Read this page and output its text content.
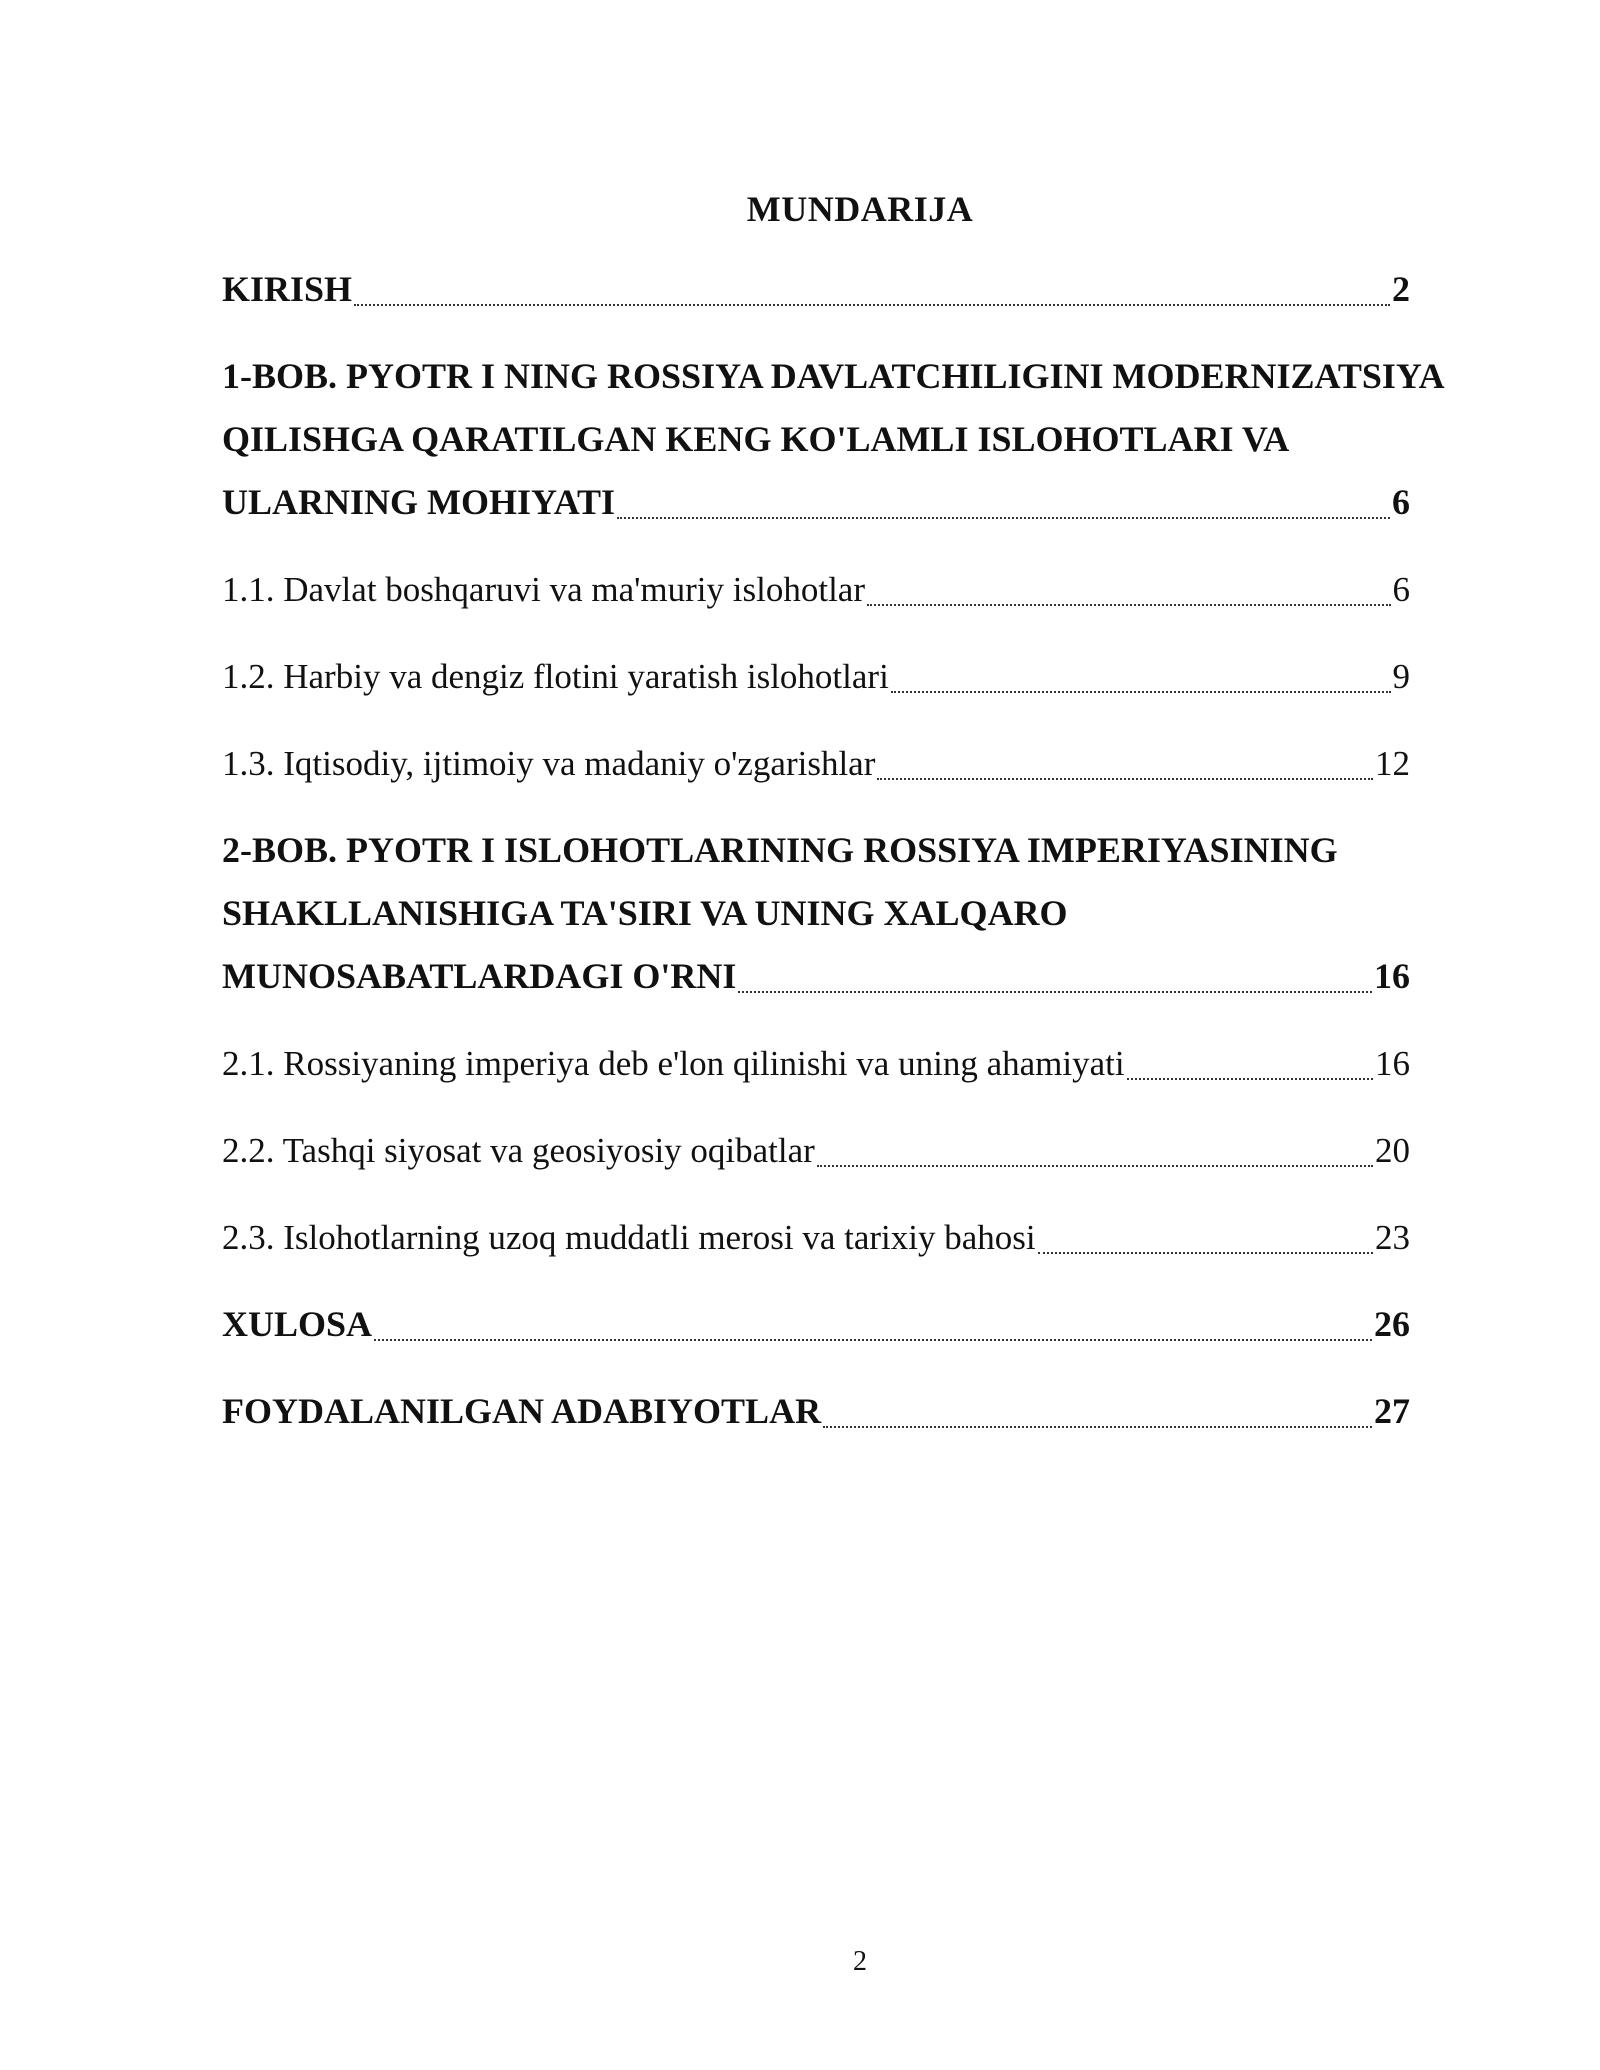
MUNDARIJA
KIRISH	2
1-BOB. PYOTR I NING ROSSIYA DAVLATCHILIGINI MODERNIZATSIYA
QILISHGA QARATILGAN KENG KO'LAMLI ISLOHOTLARI VA
ULARNING MOHIYATI	6
1.1. Davlat boshqaruvi va ma'muriy islohotlar	6
1.2. Harbiy va dengiz flotini yaratish islohotlari	9
1.3. Iqtisodiy, ijtimoiy va madaniy o'zgarishlar	12
2-BOB. PYOTR I ISLOHOTLARINING ROSSIYA IMPERIYASINING
SHAKLLANISHIGA TA'SIRI VA UNING XALQARO
MUNOSABATLARDAGI O'RNI	16
2.1. Rossiyaning imperiya deb e'lon qilinishi va uning ahamiyati	16
2.2. Tashqi siyosat va geosiyosiy oqibatlar	20
2.3. Islohotlarning uzoq muddatli merosi va tarixiy bahosi	23
XULOSA	26
FOYDALANILGAN ADABIYOTLAR	27
2
